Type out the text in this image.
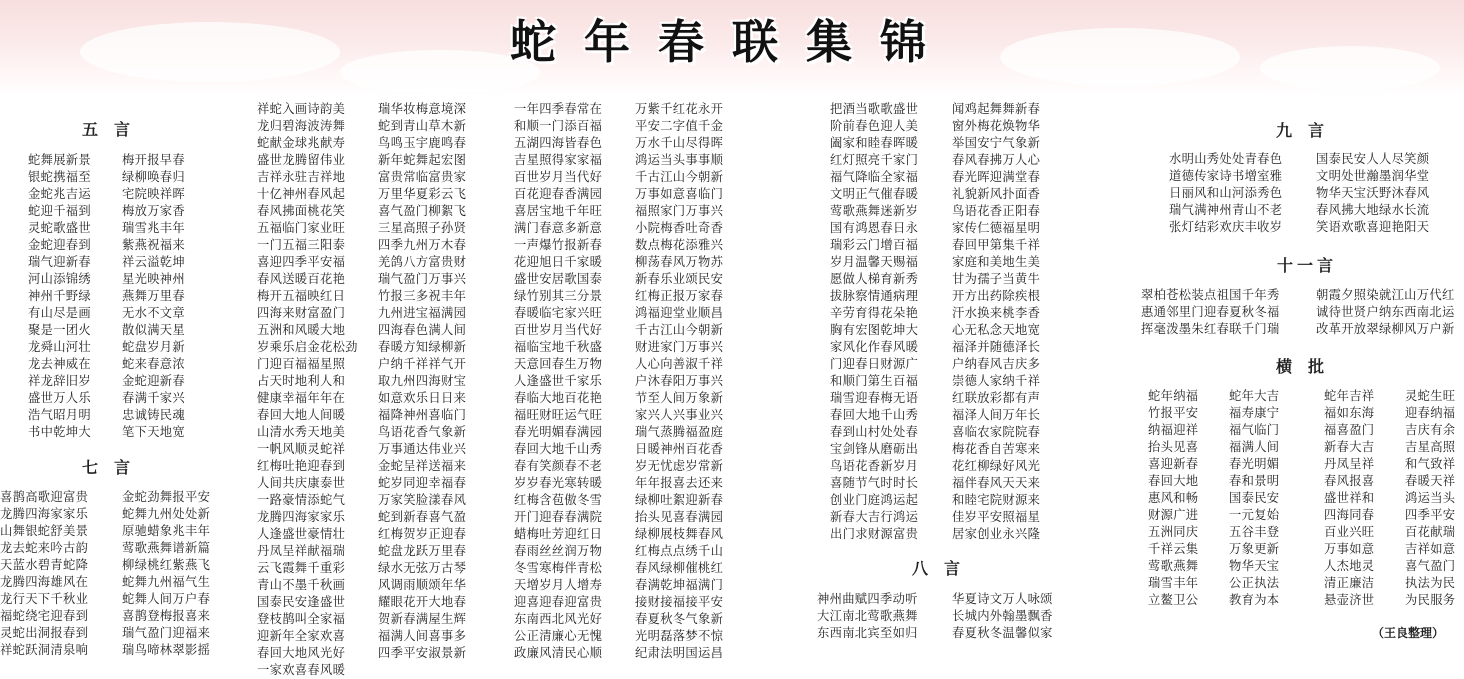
蛇年春联集锦
五言
七言
八言
九言
十一言
横批
蛇舞展新景
银蛇携福至
金蛇兆吉运
蛇迎千福到
灵蛇歌盛世
金蛇迎春到
瑞气迎新春
河山添锦绣
神州千野绿
有山尽是画
聚是一团火
龙舜山河壮
龙去神威在
祥龙辞旧岁
盛世万人乐
浩气昭月明
书中乾坤大
梅开报早春
绿柳唤春归
宅院映祥晖
梅放万家香
瑞雪兆丰年
紫燕祝福来
祥云溢乾坤
星光映神州
燕舞万里春
无水不文章
散似满天星
蛇盘岁月新
蛇来春意浓
金蛇迎新春
春满千家兴
忠诚铸民魂
笔下天地宽
喜鹊高歌迎富贵
龙腾四海家家乐
山舞银蛇舒美景
龙去蛇来吟古韵
天蓝水碧青蛇降
龙腾四海雄风在
龙行天下千秋业
福蛇绕宅迎春到
灵蛇出洞报春到
祥蛇跃洞清泉响
金蛇劲舞报平安
蛇舞九州处处新
原驰蜡象兆丰年
莺歌燕舞谱新篇
柳绿桃红紫燕飞
蛇舞九州福气生
蛇舞人间万户春
喜鹊登梅报喜来
瑞气盈门迎福来
瑞鸟啼林翠影摇
祥蛇入画诗韵美
龙归碧海波涛舞
蛇献金球兆献寿
盛世龙腾留伟业
吉祥永驻吉祥地
十亿神州春风起
春风拂面桃花笑
五福临门家业旺
一门五福三阳泰
喜迎四季平安福
春风送暖百花艳
梅开五福映红日
四海来财富盈门
五洲和风暖大地
岁乘乐启金花松劲
门迎百福福星照
占天时地利人和
健康幸福年年在
春回大地人间暖
山清水秀天地美
一帆风顺灵蛇祥
红梅吐艳迎春到
人间共庆康泰世
一路豪情添蛇气
龙腾四海家家乐
人逢盛世豪情壮
丹凤呈祥献福瑞
云飞霞舞千重彩
青山不墨千秋画
国泰民安逢盛世
登枝鹊叫全家福
迎新年全家欢喜
春回大地风光好
一家欢喜春风暖
瑞华妆梅意境深
蛇到青山草木新
鸟鸣玉宇鹿鸣春
新年蛇舞起宏图
富贵常临富贵家
万里华夏彩云飞
喜气盈门柳絮飞
三星高照子孙贤
四季九州万木春
羌鸽八方富贵财
瑞气盈门万事兴
竹报三多祝丰年
九州进宝福满园
四海春色满人间
春暖方知绿柳新
户纳千祥祥气开
取九州四海财宝
如意欢乐日日来
福降神州喜临门
鸟语花香气象新
万事通达伟业兴
金蛇呈祥送福来
蛇岁同迎幸福春
万家笑脸漾春风
蛇到新春喜气盈
红梅贺岁正迎春
蛇盘龙跃万里春
绿水无弦万古琴
风调雨顺颂年华
耀眼花开大地春
贺新春满屋生辉
福满人间喜事多
四季平安淑景新
一年四季春常在
和顺一门添百福
五湖四海皆春色
吉星照得家家福
百世岁月当代好
百花迎春香满园
喜居宝地千年旺
满门春意多新意
一声爆竹报新春
花迎旭日千家暖
盛世安居歌国泰
绿竹别其三分景
春暖临宅家兴旺
百世岁月当代好
福临宝地千秋盛
天意回春生万物
人逢盛世千家乐
春临大地百花艳
福旺财旺运气旺
春光明媚春满园
春回大地千山秀
春有笑颜春不老
岁岁春光寒转暖
红梅含苞傲冬雪
开门迎春春满院
蜡梅吐芳迎红日
春雨丝丝润万物
冬雪寒梅伴青松
天增岁月人增寿
迎喜迎春迎富贵
东南西北风光好
公正清廉心无愧
政廉风清民心顺
万紫千红花永开
平安二字值千金
万水千山尽得晖
鸿运当头事事顺
千古江山今朝新
万事如意喜临门
福照家门万事兴
小院梅香吐奇香
数点梅花添雅兴
柳荡春风万物苏
新春乐业颂民安
红梅正报万家春
鸿福迎堂业顺昌
千古江山今朝新
财进家门万事兴
人心向善淑千祥
户沐春阳万事兴
节至人间万象新
家兴人兴事业兴
瑞气蒸腾福盈庭
日暖神州百花香
岁无忧虑岁常新
年年报喜去还来
绿柳吐絮迎新春
抬头见喜春满园
绿柳展枝舞春风
红梅点点绣千山
春风绿柳催桃红
春满乾坤福满门
接财接福接平安
春夏秋冬气象新
光明磊落梦不惊
纪肃法明国运昌
把酒当歌歌盛世
阶前春色迎人美
阖家和睦春晖暖
红灯照亮千家门
福气降临全家福
文明正气催春暖
莺歌燕舞迷新岁
国有鸿恩春日永
瑞彩云门增百福
岁月温馨天赐福
愿做人梯育新秀
拔脉察情通病理
辛劳育得花朵艳
胸有宏图乾坤大
家风化作春风暖
门迎春日财源广
和顺门第生百福
瑞雪迎春梅无语
春回大地千山秀
春到山村处处春
宝剑锋从磨砺出
鸟语花香新岁月
喜随节气时时长
创业门庭鸿运起
新春大吉行鸿运
出门求财源富贵
闻鸡起舞舞新春
窗外梅花焕物华
举国安宁气象新
春风春拂万人心
春光晖迎满堂春
礼貌新风扑面香
鸟语花香正阳春
家传仁德福星明
春回甲第集千祥
家庭和美地生美
甘为孺子当黄牛
开方出药除疾根
汗水换来桃李香
心无私念天地宽
福泽并随德泽长
户纳春风吉庆多
崇德人家纳千祥
红联放彩都有声
福泽人间万年长
喜临农家院院春
梅花香自苦寒来
花红柳绿好风光
福伴春风天天来
和睦宅院财源来
佳岁平安照福星
居家创业永兴隆
神州曲赋四季动听
大江南北莺歌燕舞
东西南北宾至如归
华夏诗文万人咏颂
长城内外翰墨飘香
春夏秋冬温馨似家
水明山秀处处青春色
道德传家诗书增室雅
日丽风和山河添秀色
瑞气满神州青山不老
张灯结彩欢庆丰收岁
国泰民安人人尽笑颜
文明处世瀚墨润华堂
物华天宝沃野沐春风
春风拂大地绿水长流
笑语欢歌喜迎艳阳天
翠柏苍松装点祖国千年秀
惠通邻里门迎春夏秋冬福
挥毫泼墨朱红春联千门瑞
朝霞夕照染就江山万代红
诚待世贤户纳东西南北运
改革开放翠绿柳风万户新
蛇年纳福
竹报平安
纳福迎祥
抬头见喜
喜迎新春
春回大地
惠风和畅
财源广进
五洲同庆
千祥云集
莺歌燕舞
瑞雪丰年
立鳌卫公
蛇年大吉
福寿康宁
福气临门
福满人间
春光明媚
春和景明
国泰民安
一元复始
五谷丰登
万象更新
物华天宝
公正执法
教育为本
蛇年吉祥
福如东海
福喜盈门
新春大吉
丹凤呈祥
春风报喜
盛世祥和
四海同春
百业兴旺
万事如意
人杰地灵
清正廉洁
悬壶济世
灵蛇生旺
迎春纳福
吉庆有余
吉星高照
和气致祥
春暖天祥
鸿运当头
四季平安
百花献瑞
吉祥如意
喜气盈门
执法为民
为民服务
（王良整理）
